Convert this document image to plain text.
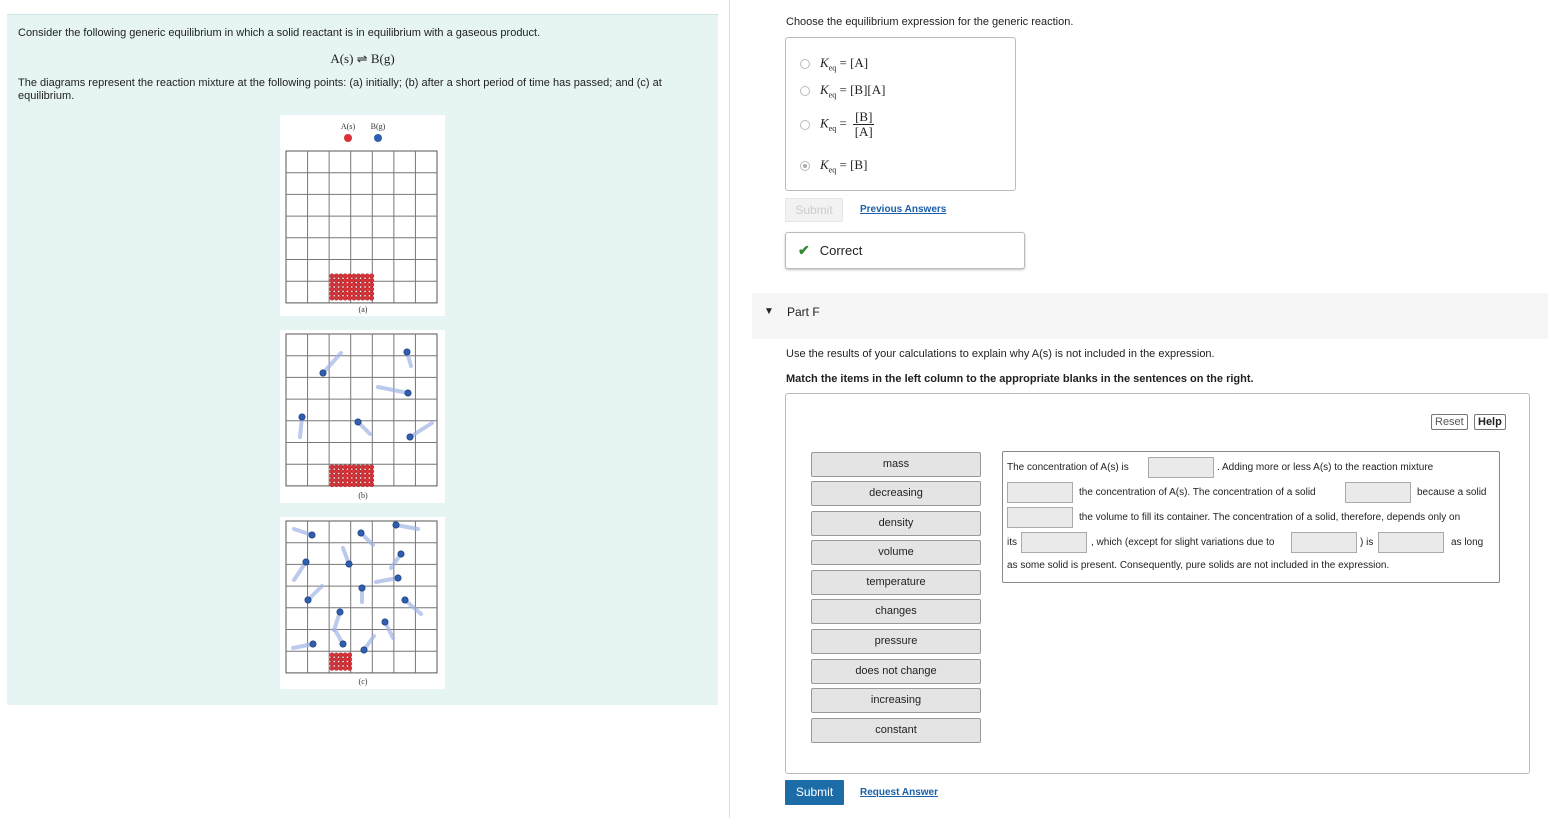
Consider the following generic equilibrium in which a solid reactant is in equilibrium with a gaseous product.
A(s) ⇌ B(g)
The diagrams represent the reaction mixture at the following points: (a) initially; (b) after a short period of time has passed; and (c) at equilibrium.
A(s) B(g)
(a)
(b)
(c)
Choose the equilibrium expression for the generic reaction.
$K_{eq} = [A]$
$K_{eq} = [B][A]$
$K_{eq} = \frac{[B]}{[A]}$
$K_{eq} = [B]$
Submit	Previous Answers
✔ Correct
▼ Part F
Use the results of your calculations to explain why A(s) is not included in the expression.
Match the items in the left column to the appropriate blanks in the sentences on the right.
Reset	Help
mass
decreasing
density
volume
temperature
changes
pressure
does not change
increasing
constant
The concentration of A(s) is	. Adding more or less A(s) to the reaction mixture
the concentration of A(s). The concentration of a solid	because a solid
the volume to fill its container. The concentration of a solid, therefore, depends only on
its	, which (except for slight variations due to	) is	as long
as some solid is present. Consequently, pure solids are not included in the expression.
Submit	Request Answer
